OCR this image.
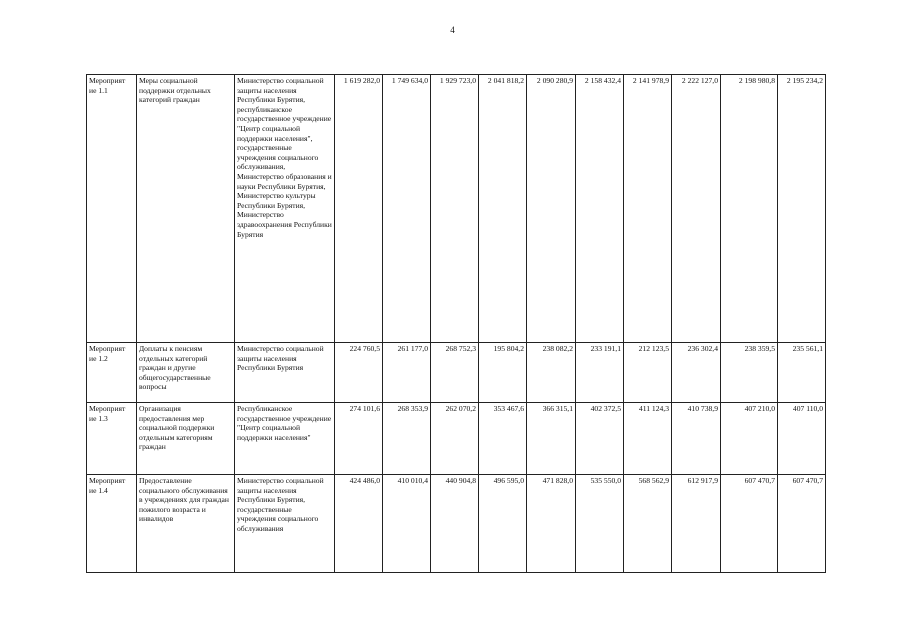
4
Мероприят ие 1.1	Меры социальной поддержки отдельных категорий граждан	Министерство социальной защиты населения Республики Бурятия, республиканское государственное учреждение "Центр социальной поддержки населения", государственные учреждения социального обслуживания, Министерство образования и науки Республики Бурятия, Министерство культуры Республики Бурятия, Министерство здравоохранения Республики Бурятия	1 619 282,0	1 749 634,0	1 929 723,0	2 041 818,2	2 090 280,9	2 158 432,4	2 141 978,9	2 222 127,0	2 198 980,8	2 195 234,2
Мероприят ие 1.2	Доплаты к пенсиям отдельных категорий граждан и другие общегосударственные вопросы	Министерство социальной защиты населения Республики Бурятия	224 760,5	261 177,0	268 752,3	195 804,2	238 082,2	233 191,1	212 123,5	236 302,4	238 359,5	235 561,1
Мероприят ие 1.3	Организация предоставления мер социальной поддержки отдельным категориям граждан	Республиканское государственное учреждение "Центр социальной поддержки населения"	274 101,6	268 353,9	262 070,2	353 467,6	366 315,1	402 372,5	411 124,3	410 738,9	407 210,0	407 110,0
Мероприят ие 1.4	Предоставление социального обслуживания в учреждениях для граждан пожилого возраста и инвалидов	Министерство социальной защиты населения Республики Бурятия, государственные учреждения социального обслуживания	424 486,0	410 010,4	440 904,8	496 595,0	471 828,0	535 550,0	568 562,9	612 917,9	607 470,7	607 470,7
